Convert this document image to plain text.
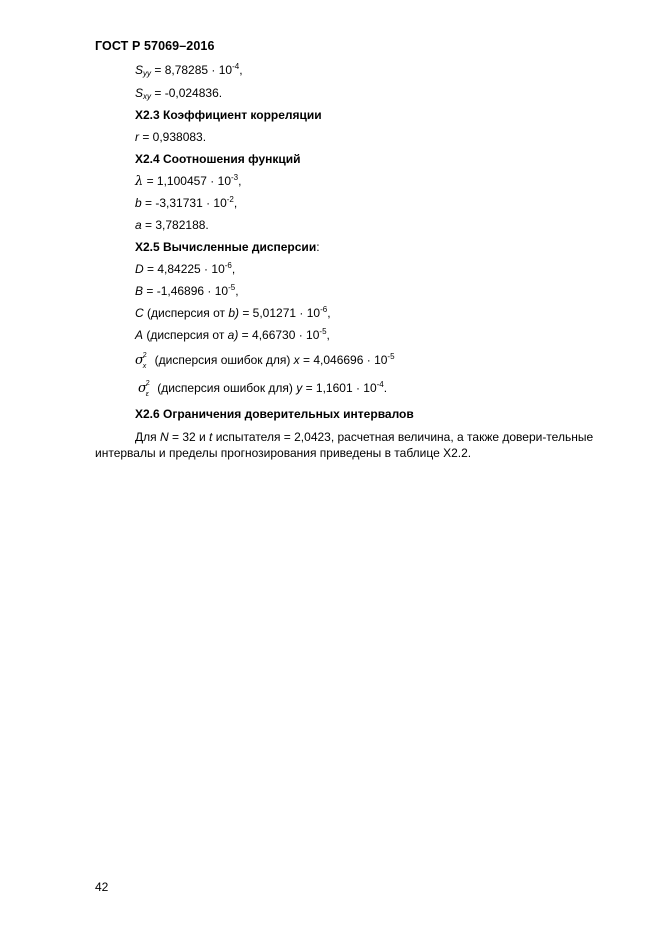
ГОСТ Р 57069–2016
$S_{yy} = 8,78285 \cdot 10^{-4}$,
$S_{xy} = -0,024836$.
X2.3 Коэффициент корреляции
r = 0,938083.
X2.4 Соотношения функций
$\lambda = 1,100457 \cdot 10^{-3}$,
$b = -3,31731 \cdot 10^{-2}$,
a = 3,782188.
X2.5 Вычисленные дисперсии:
$D = 4,84225 \cdot 10^{-6}$,
$B = -1,46896 \cdot 10^{-5}$,
C (дисперсия от $b) = 5,01271 \cdot 10^{-6}$,
A (дисперсия от $a) = 4,66730 \cdot 10^{-5}$,
$\sigma^2_x$ (дисперсия ошибок для) $x = 4,046696 \cdot 10^{-5}$
$\sigma^2_\varepsilon$ (дисперсия ошибок для) $y = 1,1601 \cdot 10^{-4}$.
X2.6 Ограничения доверительных интервалов
Для N = 32 и t испытателя = 2,0423, расчетная величина, а также довери-тельные интервалы и пределы прогнозирования приведены в таблице X2.2.
42
